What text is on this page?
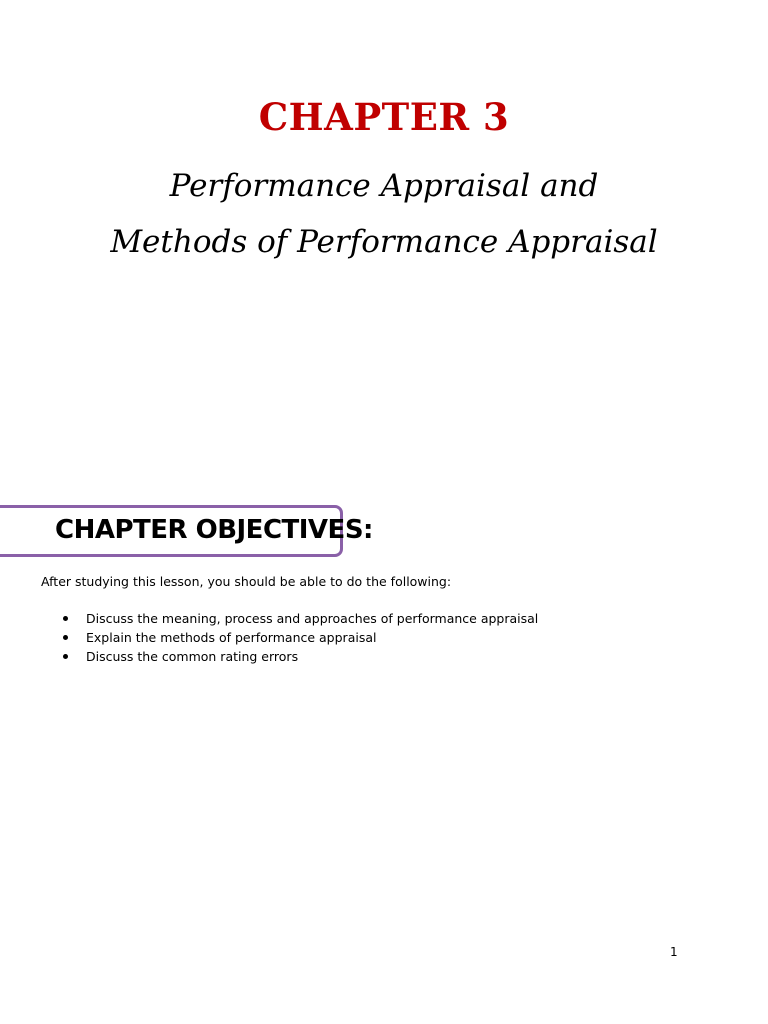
CHAPTER 3

Performance Appraisal and

Methods of Performance Appraisal

CHAPTER OBJECTIVES:

After studying this lesson, you should be able to do the following:

Discuss the meaning, process and approaches of performance appraisal
Explain the methods of performance appraisal
Discuss the common rating errors

1
